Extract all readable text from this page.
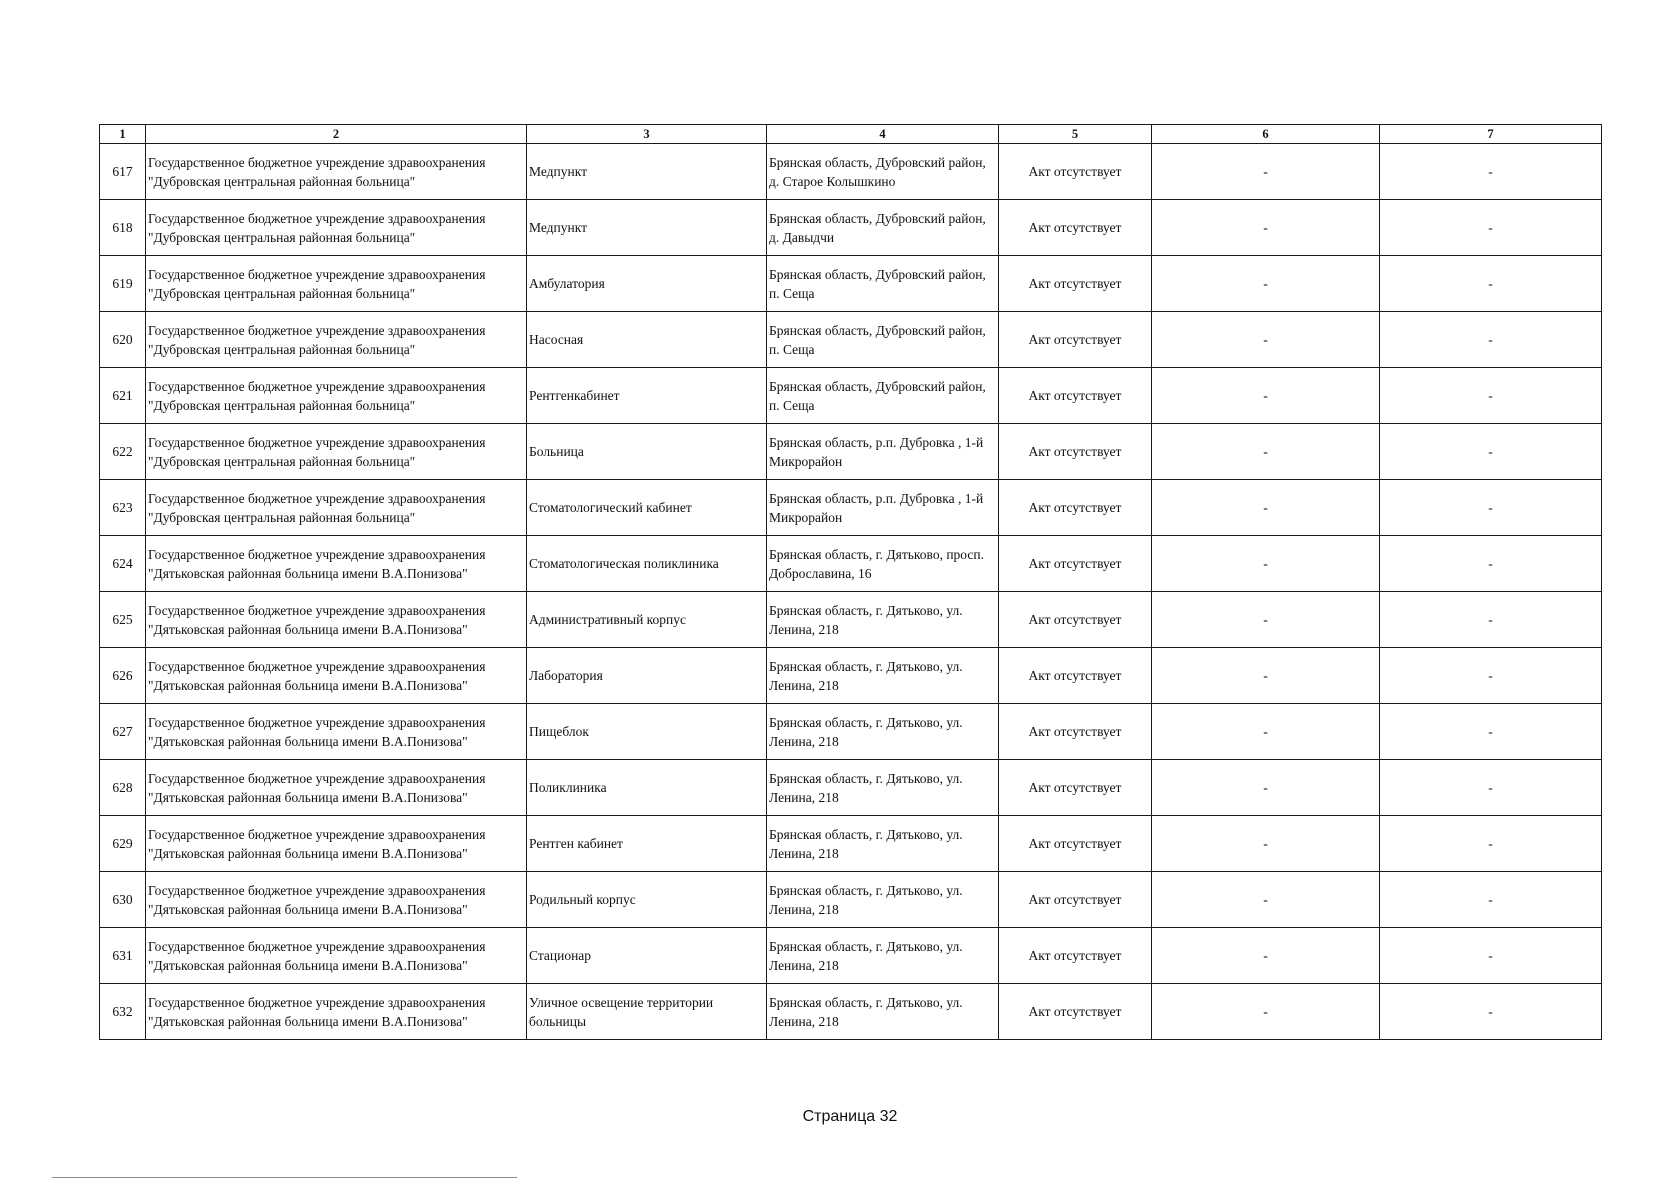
1	2	3	4	5	6	7
617	Государственное бюджетное учреждение здравоохранения "Дубровская центральная районная больница"	Медпункт	Брянская область, Дубровский район, д. Старое Колышкино	Акт отсутствует	-	-
618	Государственное бюджетное учреждение здравоохранения "Дубровская центральная районная больница"	Медпункт	Брянская область, Дубровский район, д. Давыдчи	Акт отсутствует	-	-
619	Государственное бюджетное учреждение здравоохранения "Дубровская центральная районная больница"	Амбулатория	Брянская область, Дубровский район, п. Сеща	Акт отсутствует	-	-
620	Государственное бюджетное учреждение здравоохранения "Дубровская центральная районная больница"	Насосная	Брянская область, Дубровский район, п. Сеща	Акт отсутствует	-	-
621	Государственное бюджетное учреждение здравоохранения "Дубровская центральная районная больница"	Рентгенкабинет	Брянская область, Дубровский район, п. Сеща	Акт отсутствует	-	-
622	Государственное бюджетное учреждение здравоохранения "Дубровская центральная районная больница"	Больница	Брянская область, р.п. Дубровка , 1-й Микрорайон	Акт отсутствует	-	-
623	Государственное бюджетное учреждение здравоохранения "Дубровская центральная районная больница"	Стоматологический кабинет	Брянская область, р.п. Дубровка , 1-й Микрорайон	Акт отсутствует	-	-
624	Государственное бюджетное учреждение здравоохранения "Дятьковская районная больница имени В.А.Понизова"	Стоматологическая поликлиника	Брянская область, г. Дятьково, просп. Доброславина, 16	Акт отсутствует	-	-
625	Государственное бюджетное учреждение здравоохранения "Дятьковская районная больница имени В.А.Понизова"	Административный корпус	Брянская область, г. Дятьково, ул. Ленина, 218	Акт отсутствует	-	-
626	Государственное бюджетное учреждение здравоохранения "Дятьковская районная больница имени В.А.Понизова"	Лаборатория	Брянская область, г. Дятьково, ул. Ленина, 218	Акт отсутствует	-	-
627	Государственное бюджетное учреждение здравоохранения "Дятьковская районная больница имени В.А.Понизова"	Пищеблок	Брянская область, г. Дятьково, ул. Ленина, 218	Акт отсутствует	-	-
628	Государственное бюджетное учреждение здравоохранения "Дятьковская районная больница имени В.А.Понизова"	Поликлиника	Брянская область, г. Дятьково, ул. Ленина, 218	Акт отсутствует	-	-
629	Государственное бюджетное учреждение здравоохранения "Дятьковская районная больница имени В.А.Понизова"	Рентген кабинет	Брянская область, г. Дятьково, ул. Ленина, 218	Акт отсутствует	-	-
630	Государственное бюджетное учреждение здравоохранения "Дятьковская районная больница имени В.А.Понизова"	Родильный корпус	Брянская область, г. Дятьково, ул. Ленина, 218	Акт отсутствует	-	-
631	Государственное бюджетное учреждение здравоохранения "Дятьковская районная больница имени В.А.Понизова"	Стационар	Брянская область, г. Дятьково, ул. Ленина, 218	Акт отсутствует	-	-
632	Государственное бюджетное учреждение здравоохранения "Дятьковская районная больница имени В.А.Понизова"	Уличное освещение территории больницы	Брянская область, г. Дятьково, ул. Ленина, 218	Акт отсутствует	-	-
Страница 32
